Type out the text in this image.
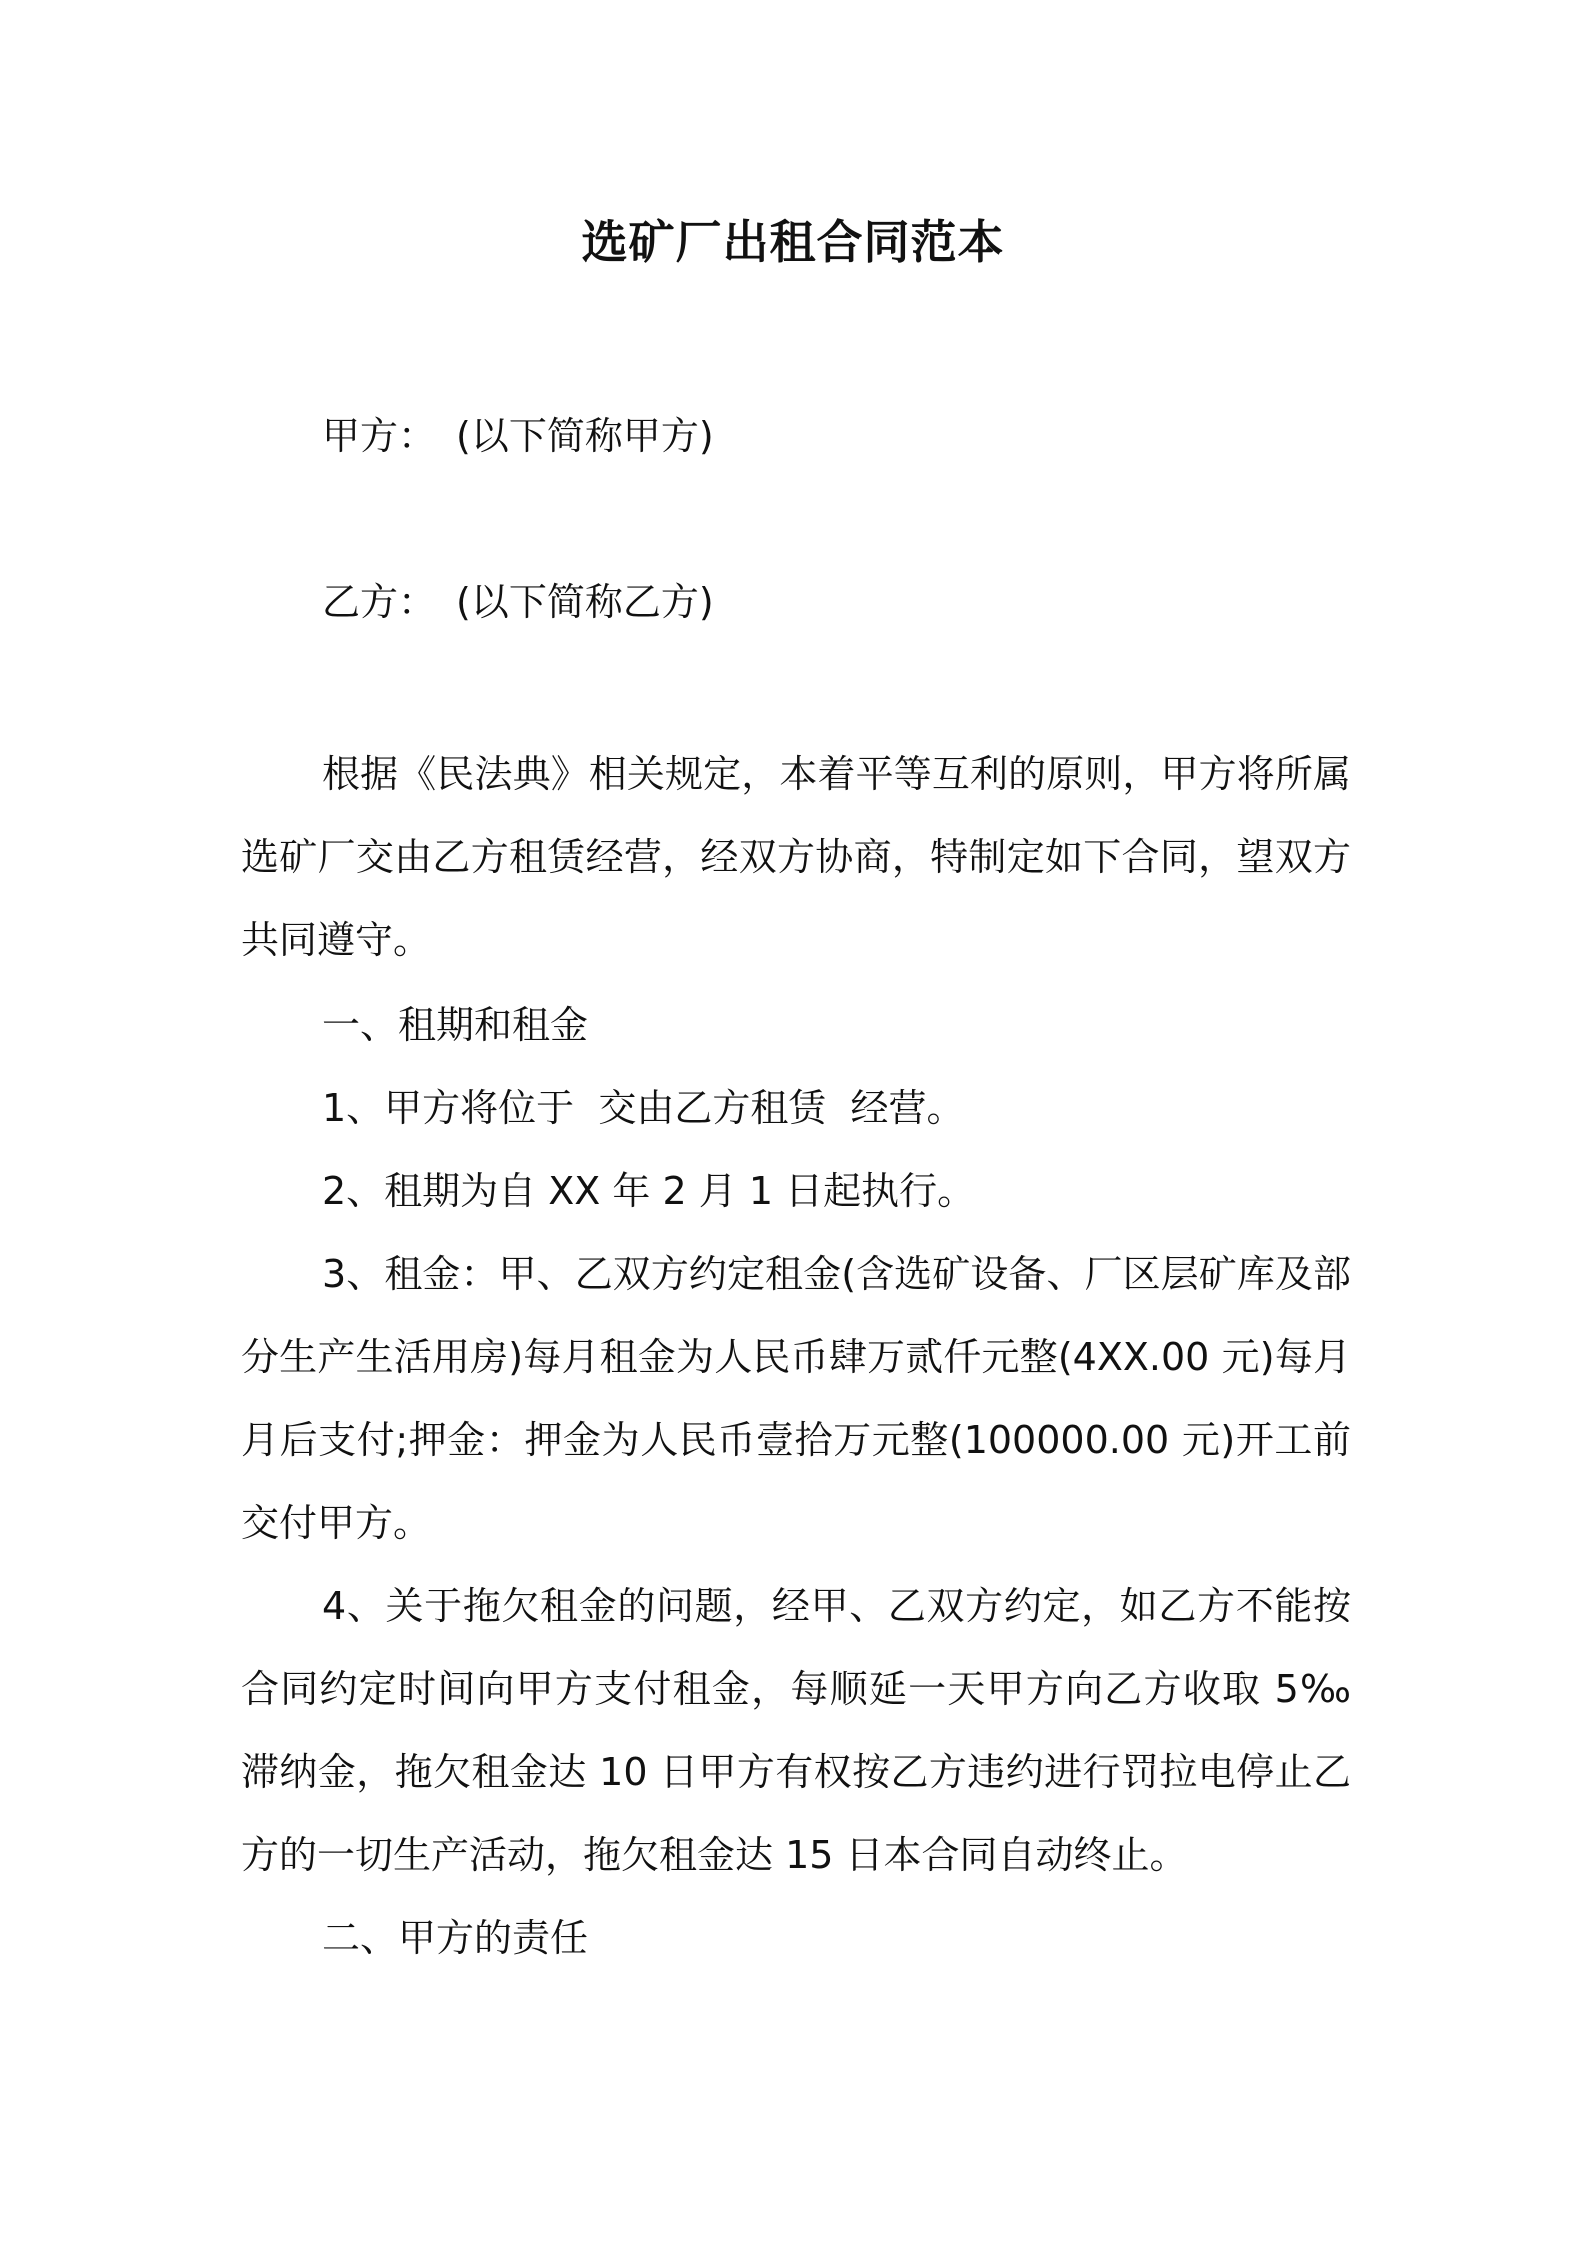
选矿厂出租合同范本

甲方： (以下简称甲方)

乙方： (以下简称乙方)

根据《民法典》相关规定，本着平等互利的原则，甲方将所属选矿厂交由乙方租赁经营，经双方协商，特制定如下合同，望双方共同遵守。

一、租期和租金

1、甲方将位于  交由乙方租赁  经营。

2、租期为自 XX 年 2 月 1 日起执行。

3、租金：甲、乙双方约定租金(含选矿设备、厂区层矿库及部分生产生活用房)每月租金为人民币肆万贰仟元整(4XX.00 元)每月月后支付;押金：押金为人民币壹拾万元整(100000.00 元)开工前交付甲方。

4、关于拖欠租金的问题，经甲、乙双方约定，如乙方不能按合同约定时间向甲方支付租金，每顺延一天甲方向乙方收取 5‰滞纳金，拖欠租金达 10 日甲方有权按乙方违约进行罚拉电停止乙方的一切生产活动，拖欠租金达 15 日本合同自动终止。

二、甲方的责任
